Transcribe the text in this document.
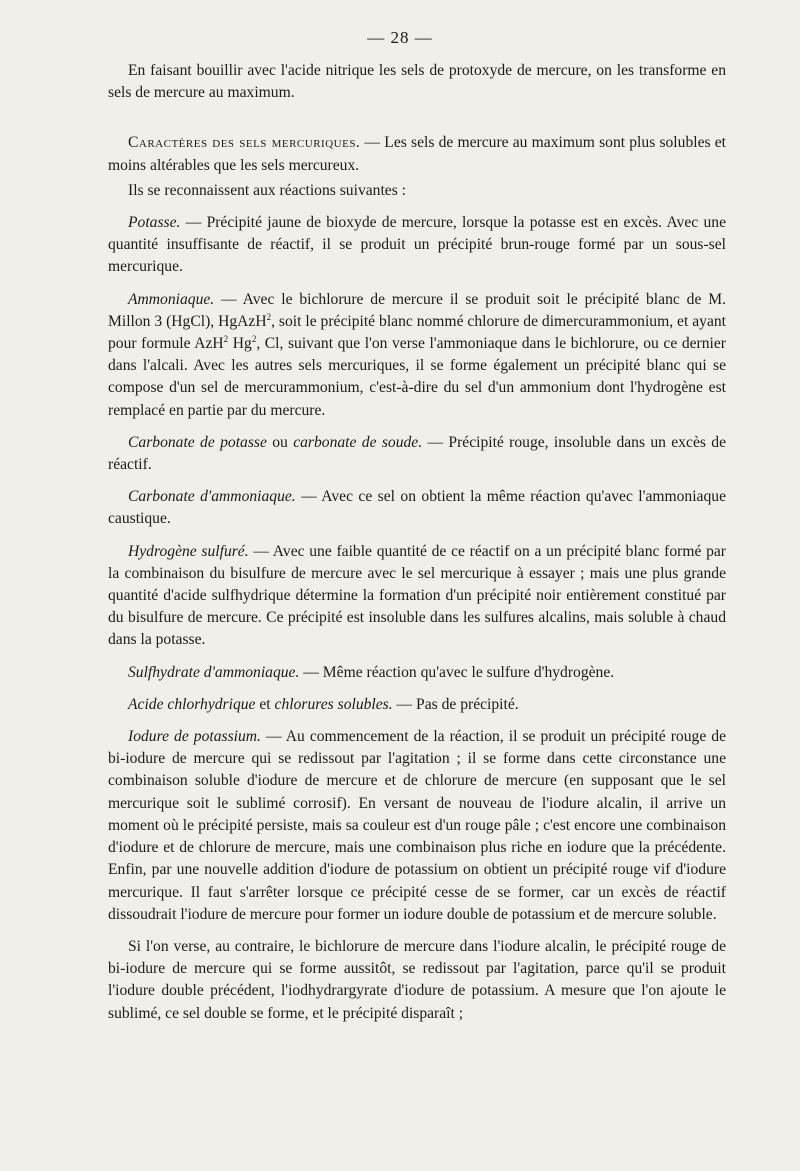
— 28 —

En faisant bouillir avec l'acide nitrique les sels de protoxyde de mercure, on les transforme en sels de mercure au maximum.

Caractères des sels mercuriques. — Les sels de mercure au maximum sont plus solubles et moins altérables que les sels mercureux.

Ils se reconnaissent aux réactions suivantes :

Potasse. — Précipité jaune de bioxyde de mercure, lorsque la potasse est en excès. Avec une quantité insuffisante de réactif, il se produit un précipité brun-rouge formé par un sous-sel mercurique.

Ammoniaque. — Avec le bichlorure de mercure il se produit soit le précipité blanc de M. Millon 3 (HgCl), HgAzH$^2$, soit le précipité blanc nommé chlorure de dimercurammonium, et ayant pour formule AzH$^2$ Hg$^2$, Cl, suivant que l'on verse l'ammoniaque dans le bichlorure, ou ce dernier dans l'alcali. Avec les autres sels mercuriques, il se forme également un précipité blanc qui se compose d'un sel de mercurammonium, c'est-à-dire du sel d'un ammonium dont l'hydrogène est remplacé en partie par du mercure.

Carbonate de potasse ou carbonate de soude. — Précipité rouge, insoluble dans un excès de réactif.

Carbonate d'ammoniaque. — Avec ce sel on obtient la même réaction qu'avec l'ammoniaque caustique.

Hydrogène sulfuré. — Avec une faible quantité de ce réactif on a un précipité blanc formé par la combinaison du bisulfure de mercure avec le sel mercurique à essayer ; mais une plus grande quantité d'acide sulfhydrique détermine la formation d'un précipité noir entièrement constitué par du bisulfure de mercure. Ce précipité est insoluble dans les sulfures alcalins, mais soluble à chaud dans la potasse.

Sulfhydrate d'ammoniaque. — Même réaction qu'avec le sulfure d'hydrogène.

Acide chlorhydrique et chlorures solubles. — Pas de précipité.

Iodure de potassium. — Au commencement de la réaction, il se produit un précipité rouge de bi-iodure de mercure qui se redissout par l'agitation ; il se forme dans cette circonstance une combinaison soluble d'iodure de mercure et de chlorure de mercure (en supposant que le sel mercurique soit le sublimé corrosif). En versant de nouveau de l'iodure alcalin, il arrive un moment où le précipité persiste, mais sa couleur est d'un rouge pâle ; c'est encore une combinaison d'iodure et de chlorure de mercure, mais une combinaison plus riche en iodure que la précédente. Enfin, par une nouvelle addition d'iodure de potassium on obtient un précipité rouge vif d'iodure mercurique. Il faut s'arrêter lorsque ce précipité cesse de se former, car un excès de réactif dissoudrait l'iodure de mercure pour former un iodure double de potassium et de mercure soluble.

Si l'on verse, au contraire, le bichlorure de mercure dans l'iodure alcalin, le précipité rouge de bi-iodure de mercure qui se forme aussitôt, se redissout par l'agitation, parce qu'il se produit l'iodure double précédent, l'iodhydrargyrate d'iodure de potassium. A mesure que l'on ajoute le sublimé, ce sel double se forme, et le précipité disparaît ;
